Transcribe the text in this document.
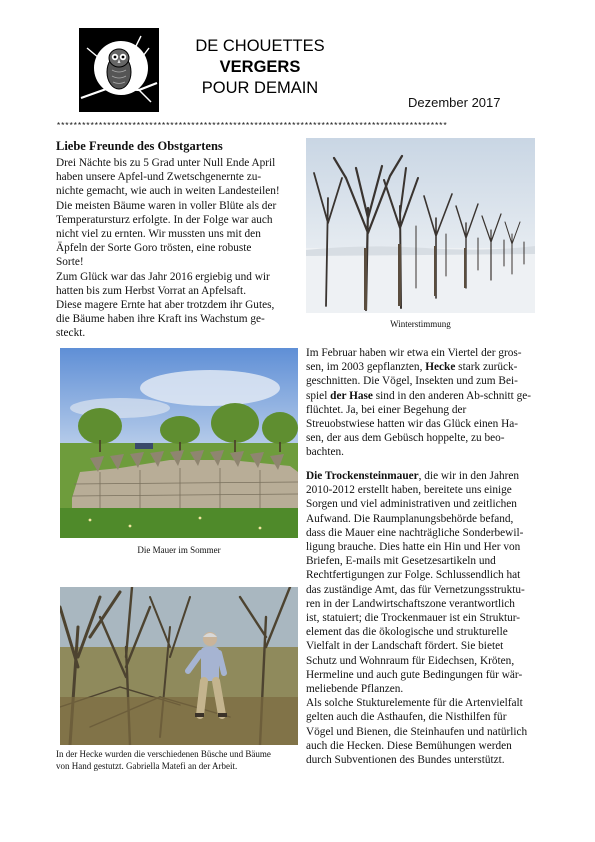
DE CHOUETTES
VERGERS
POUR DEMAIN
Dezember 2017
*********************************************************************************************
Liebe Freunde des Obstgartens
Drei Nächte bis zu 5 Grad unter Null Ende April
haben unsere Apfel-und Zwetschgenernte zu-
nichte gemacht, wie auch in weiten Landesteilen!
Die meisten Bäume waren in voller Blüte als der
Temperatursturz erfolgte. In der Folge war auch
nicht viel zu ernten. Wir mussten uns mit den
Äpfeln der Sorte Goro trösten, eine robuste
Sorte!
Zum Glück war das Jahr 2016 ergiebig und wir
hatten bis zum Herbst Vorrat an Apfelsaft.
Diese magere Ernte hat aber trotzdem ihr Gutes,
die Bäume haben ihre Kraft ins Wachstum ge-
steckt.
Winterstimmung
Im Februar haben wir etwa ein Viertel der gros-
sen, im 2003 gepflanzten, Hecke stark zurück-
geschnitten. Die Vögel, Insekten und zum Bei-
spiel der Hase sind in den anderen Ab-schnitt ge-
flüchtet. Ja, bei einer Begehung der
Streuobstwiese hatten wir das Glück einen Ha-
sen, der aus dem Gebüsch hoppelte, zu beo-
bachten.
Die Mauer im Sommer
Die Trockensteinmauer, die wir in den Jahren
2010-2012 erstellt haben, bereitete uns einige
Sorgen und viel administrativen und zeitlichen
Aufwand. Die Raumplanungsbehörde befand,
dass die Mauer eine nachträgliche Sonderbewil-
ligung brauche. Dies hatte ein Hin und Her von
Briefen, E-mails mit Gesetzesartikeln und
Rechtfertigungen zur Folge. Schlussendlich hat
das zuständige Amt, das für Vernetzungsstruktu-
ren in der Landwirtschaftszone verantwortlich
ist, statuiert; die Trockenmauer ist ein Struktur-
element das die ökologische und strukturelle
Vielfalt in der Landschaft fördert. Sie bietet
Schutz und Wohnraum für Eidechsen, Kröten,
Hermeline und auch gute Bedingungen für wär-
meliebende Pflanzen.
Als solche Stukturelemente für die Artenvielfalt
gelten auch die Asthaufen, die Nisthilfen für
Vögel und Bienen, die Steinhaufen und natürlich
auch die Hecken. Diese Bemühungen werden
durch Subventionen des Bundes unterstützt.
In der Hecke wurden die verschiedenen Büsche und Bäume
von Hand gestutzt. Gabriella Matefi an der Arbeit.
